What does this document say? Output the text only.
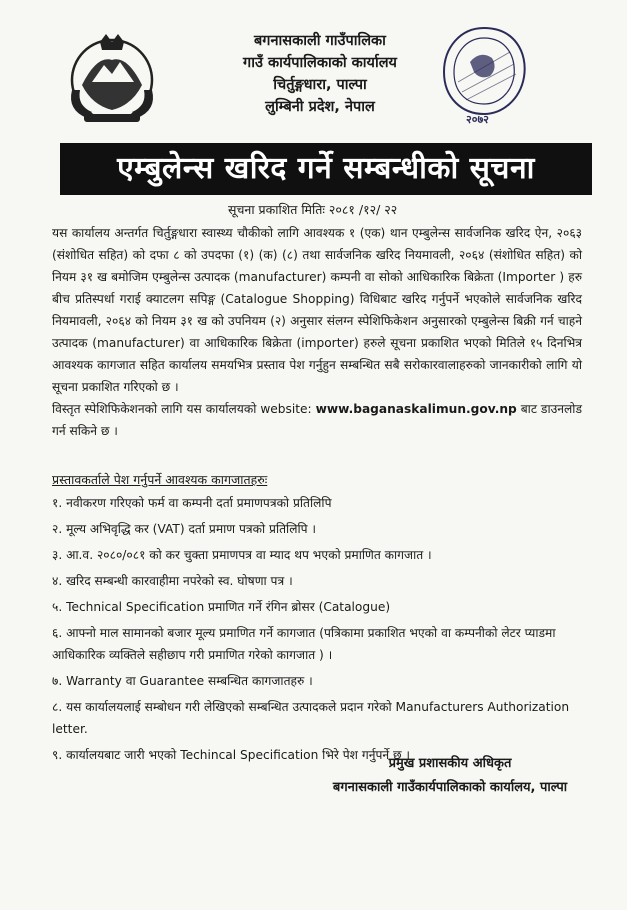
बगनासकाली गाउँपालिका
गाउँ कार्यपालिकाको कार्यालय
चिर्तुङ्गधारा, पाल्पा
लुम्बिनी प्रदेश, नेपाल
२०७२
एम्बुलेन्स खरिद गर्ने सम्बन्धीको सूचना
सूचना प्रकाशित मितिः २०८१ /१२/ २२

यस कार्यालय अन्तर्गत चिर्तुङ्गधारा स्वास्थ्य चौकीको लागि आवश्यक १ (एक) थान एम्बुलेन्स सार्वजनिक खरिद ऐन, २०६३ (संशोधित सहित) को दफा ८ को उपदफा (१) (क) (८) तथा सार्वजनिक खरिद नियमावली, २०६४ (संशोधित सहित) को नियम ३१ ख बमोजिम एम्बुलेन्स उत्पादक (manufacturer) कम्पनी वा सोको आधिकारिक बिक्रेता (Importer ) हरु बीच प्रतिस्पर्धा गराई क्याटलग सपिङ्ग (Catalogue Shopping) विधिबाट खरिद गर्नुपर्ने भएकोले सार्वजनिक खरिद नियमावली, २०६४ को नियम ३१ ख को उपनियम (२) अनुसार संलग्न स्पेशिफिकेशन अनुसारको एम्बुलेन्स बिक्री गर्न चाहने उत्पादक (manufacturer) वा आधिकारिक बिक्रेता (importer) हरुले सूचना प्रकाशित भएको मितिले १५ दिनभित्र आवश्यक कागजात सहित कार्यालय समयभित्र प्रस्ताव पेश गर्नुहुन सम्बन्धित सबै सरोकारवालाहरुको जानकारीको लागि यो सूचना प्रकाशित गरिएको छ ।

विस्तृत स्पेशिफिकेशनको लागि यस कार्यालयको website: www.baganaskalimun.gov.np बाट डाउनलोड गर्न सकिने छ ।

प्रस्तावकर्ताले पेश गर्नुपर्ने आवश्यक कागजातहरुः
१. नवीकरण गरिएको फर्म वा कम्पनी दर्ता प्रमाणपत्रको प्रतिलिपि
२. मूल्य अभिवृद्धि कर (VAT) दर्ता प्रमाण पत्रको प्रतिलिपि ।
३. आ.व. २०८०/०८१ को कर चुक्ता प्रमाणपत्र वा म्याद थप भएको प्रमाणित कागजात ।
४. खरिद सम्बन्धी कारवाहीमा नपरेको स्व. घोषणा पत्र ।
५. Technical Specification प्रमाणित गर्ने रंगिन ब्रोसर (Catalogue)
६. आफ्नो माल सामानको बजार मूल्य प्रमाणित गर्ने कागजात (पत्रिकामा प्रकाशित भएको वा कम्पनीको लेटर प्याडमा आधिकारिक व्यक्तिले सहीछाप गरी प्रमाणित गरेको कागजात ) ।
७. Warranty वा Guarantee सम्बन्धित कागजातहरु ।
८. यस कार्यालयलाई सम्बोधन गरी लेखिएको सम्बन्धित उत्पादकले प्रदान गरेको Manufacturers Authorization letter.
९. कार्यालयबाट जारी भएको Techincal Specification भिरे पेश गर्नुपर्ने छ ।
प्रमुख प्रशासकीय अधिकृत
बगनासकाली गाउँकार्यपालिकाको कार्यालय, पाल्पा
